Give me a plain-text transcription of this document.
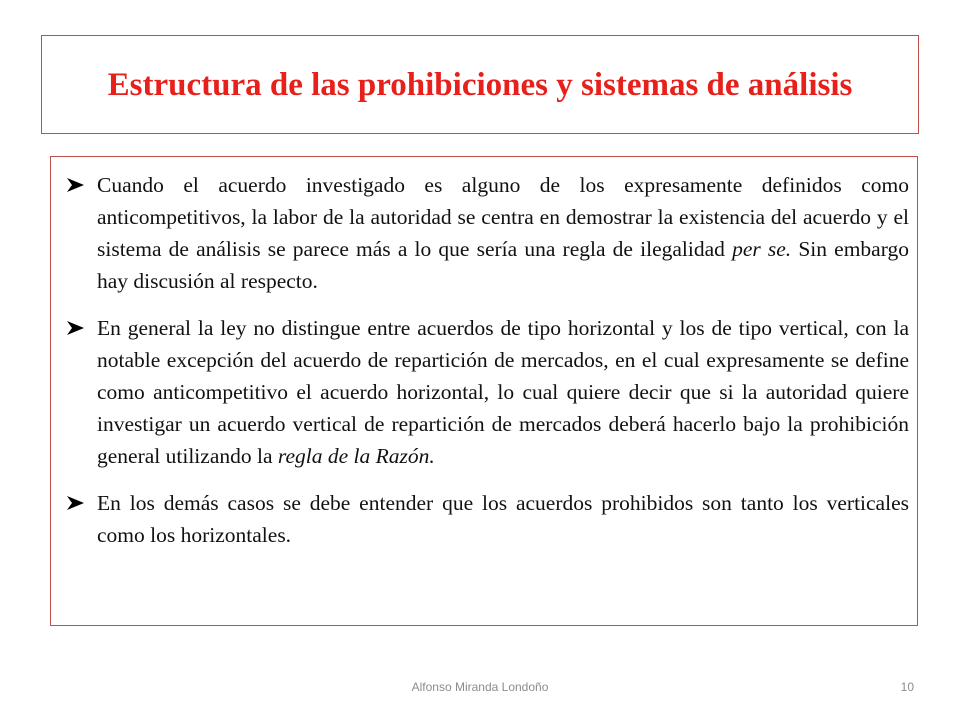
Estructura de las prohibiciones y sistemas de análisis

Cuando el acuerdo investigado es alguno de los expresamente definidos como anticompetitivos, la labor de la autoridad se centra en demostrar la existencia del acuerdo y el sistema de análisis se parece más a lo que sería una regla de ilegalidad per se. Sin embargo hay discusión al respecto.

En general la ley no distingue entre acuerdos de tipo horizontal y los de tipo vertical, con la notable excepción del acuerdo de repartición de mercados, en el cual expresamente se define como anticompetitivo el acuerdo horizontal, lo cual quiere decir que si la autoridad quiere investigar un acuerdo vertical de repartición de mercados deberá hacerlo bajo la prohibición general utilizando la regla de la Razón.

En los demás casos se debe entender que los acuerdos prohibidos son tanto los verticales como los horizontales.

Alfonso Miranda Londoño	10
